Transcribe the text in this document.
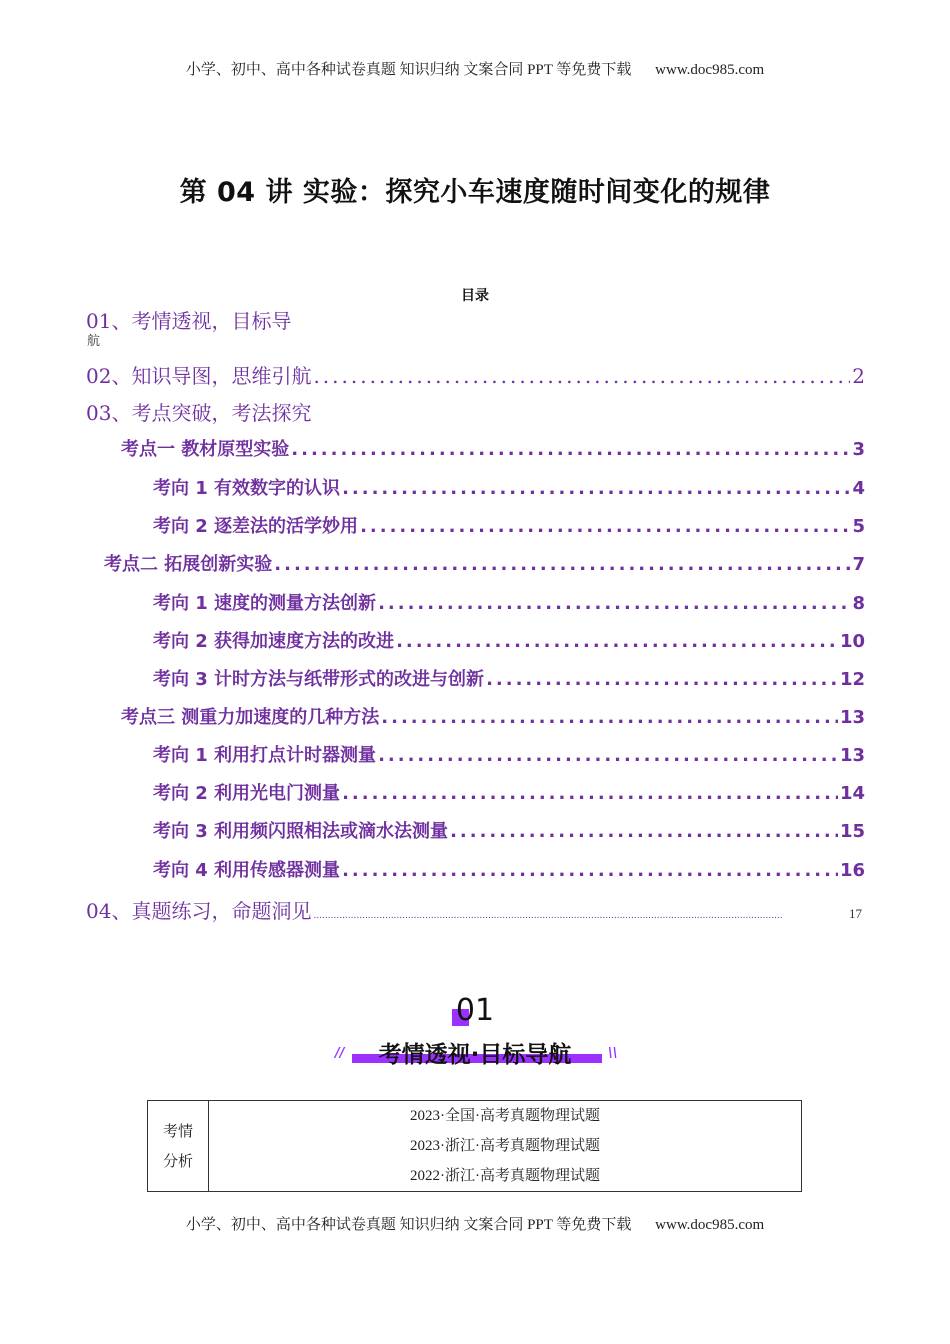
小学、初中、高中各种试卷真题 知识归纳 文案合同 PPT 等免费下载 www.doc985.com
第 04 讲 实验：探究小车速度随时间变化的规律
目录
01、考情透视，目标导
航
02、知识导图，思维引航 .....	2
03、考点突破，考法探究
考点一 教材原型实验 .....	3
考向 1 有效数字的认识 .....	4
考向 2 逐差法的活学妙用 .....	5
考点二 拓展创新实验 .....	7
考向 1 速度的测量方法创新 .....	8
考向 2 获得加速度方法的改进 .....	10
考向 3 计时方法与纸带形式的改进与创新 .....	12
考点三 测重力加速度的几种方法 .....	13
考向 1 利用打点计时器测量 .....	13
考向 2 利用光电门测量 .....	14
考向 3 利用频闪照相法或滴水法测量 .....	15
考向 4 利用传感器测量 .....	16
04、真题练习，命题洞见 .....	17
01
//	考情透视·目标导航	\\
考情
分析

2023·全国·高考真题物理试题
2023·浙江·高考真题物理试题
2022·浙江·高考真题物理试题
小学、初中、高中各种试卷真题 知识归纳 文案合同 PPT 等免费下载 www.doc985.com
